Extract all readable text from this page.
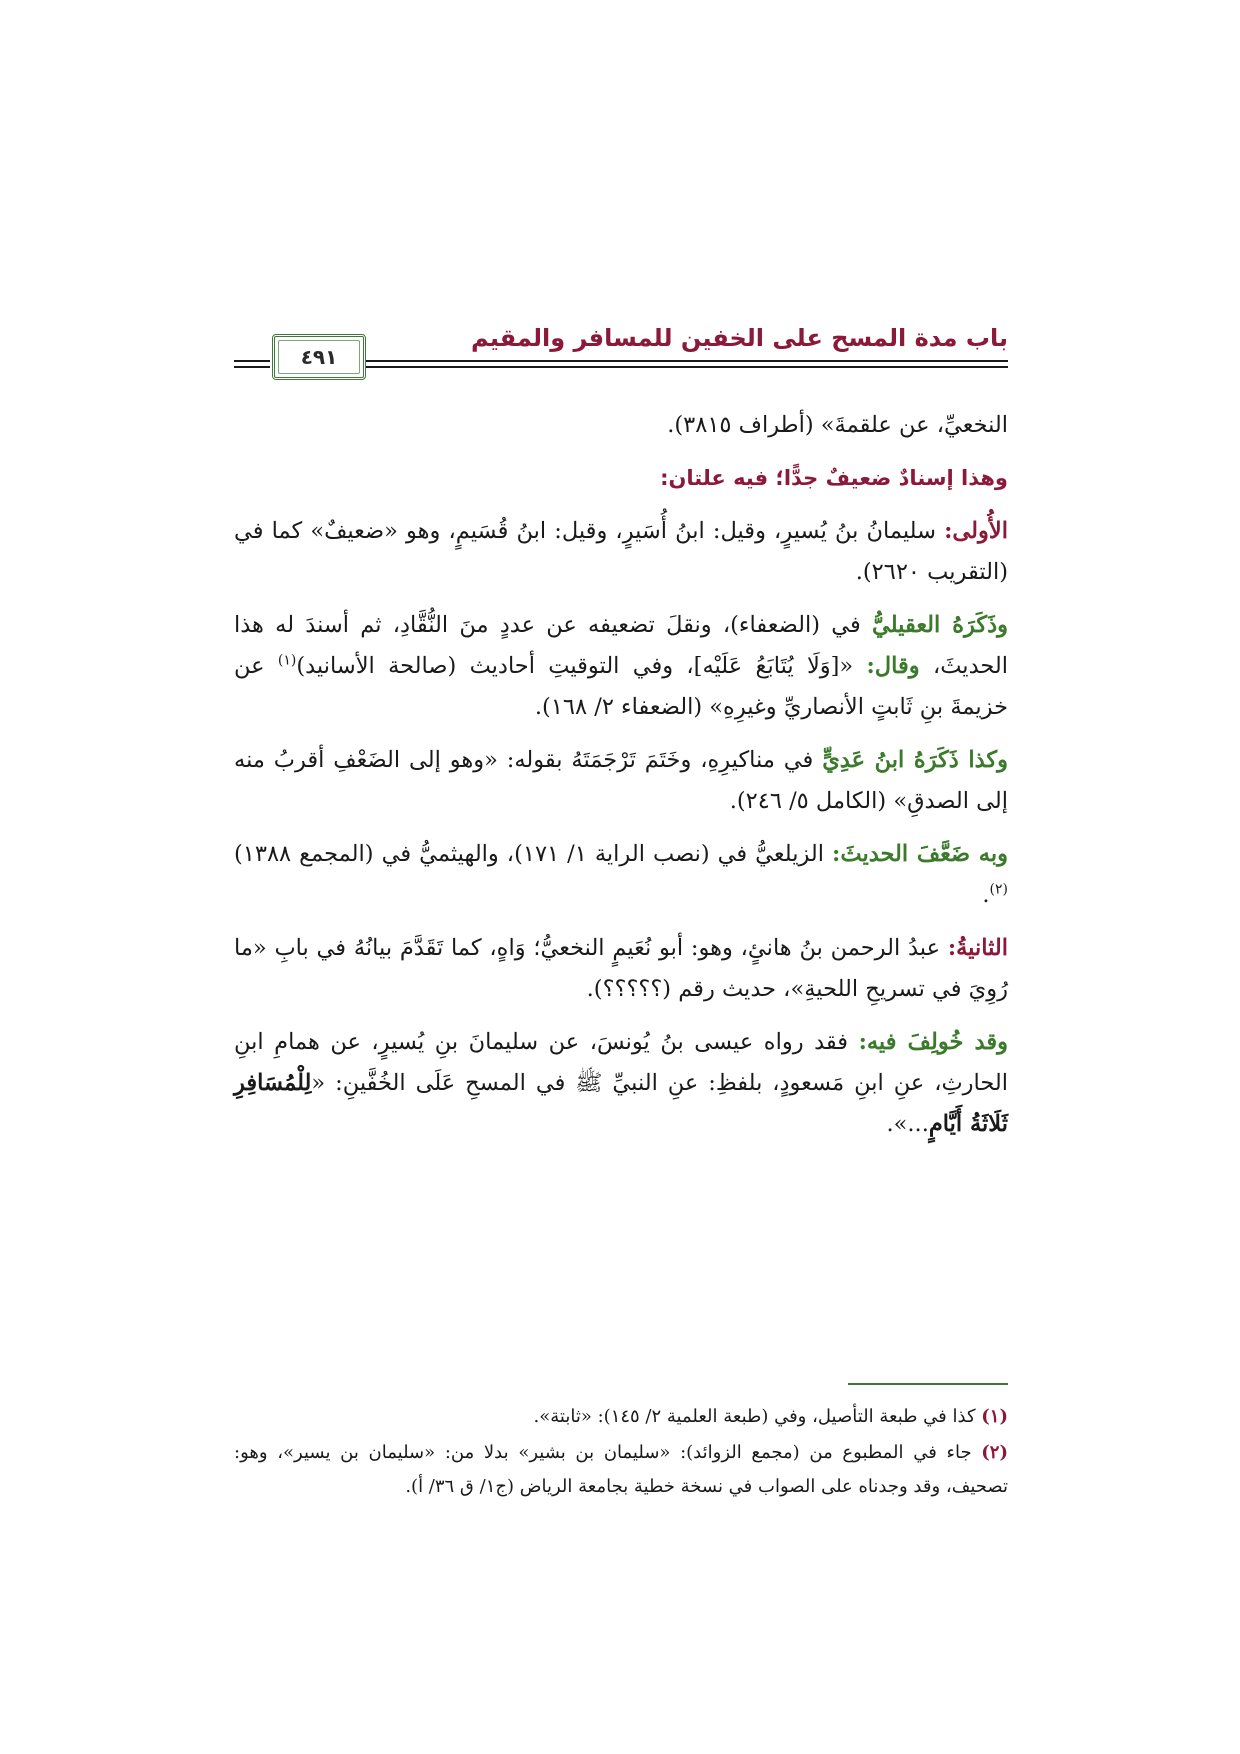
باب مدة المسح على الخفين للمسافر والمقيم
٤٩١

النخعيِّ، عن علقمةَ» (أطراف ٣٨١٥).

وهذا إسنادٌ ضعيفٌ جدًّا؛ فيه علتان:

الأُولى: سليمانُ بنُ يُسيرٍ، وقيل: ابنُ أُسَيرٍ، وقيل: ابنُ قُسَيمٍ، وهو «ضعيفٌ» كما في (التقريب ٢٦٢٠).

وذَكَرَهُ العقيليُّ في (الضعفاء)، ونقلَ تضعيفه عن عددٍ منَ النُّقَّادِ، ثم أسندَ له هذا الحديثَ، وقال: «[وَلَا يُتَابَعُ عَلَيْه]، وفي التوقيتِ أحاديث (صالحة الأسانيد)$^{(١)}$ عن خزيمةَ بنِ ثَابتٍ الأنصاريِّ وغيرِهِ» (الضعفاء ٢/ ١٦٨).

وكذا ذَكَرَهُ ابنُ عَدِيٍّ في مناكيرِهِ، وخَتَمَ تَرْجَمَتَهُ بقوله: «وهو إلى الضَعْفِ أقربُ منه إلى الصدقِ» (الكامل ٥/ ٢٤٦).

وبه ضَعَّفَ الحديثَ: الزيلعيُّ في (نصب الراية ١/ ١٧١)، والهيثميُّ في (المجمع ١٣٨٨)$^{(٢)}$.

الثانيةُ: عبدُ الرحمن بنُ هانئٍ، وهو: أبو نُعَيمٍ النخعيُّ؛ وَاهٍ، كما تَقَدَّمَ بيانُهُ في بابِ «ما رُوِيَ في تسريحِ اللحيةِ»، حديث رقم (؟؟؟؟؟).

وقد خُولِفَ فيه: فقد رواه عيسى بنُ يُونسَ، عن سليمانَ بنِ يُسيرٍ، عن همامِ ابنِ الحارثِ، عنِ ابنِ مَسعودٍ، بلفظِ: عنِ النبيِّ ﷺ في المسحِ عَلَى الخُفَّينِ: «لِلْمُسَافِرِ ثَلَاثَةُ أَيَّامٍ...».

(١) كذا في طبعة التأصيل، وفي (طبعة العلمية ٢/ ١٤٥): «ثابتة».

(٢) جاء في المطبوع من (مجمع الزوائد): «سليمان بن بشير» بدلا من: «سليمان بن يسير»، وهو: تصحيف، وقد وجدناه على الصواب في نسخة خطية بجامعة الرياض (ج١/ ق ٣٦/ أ).
